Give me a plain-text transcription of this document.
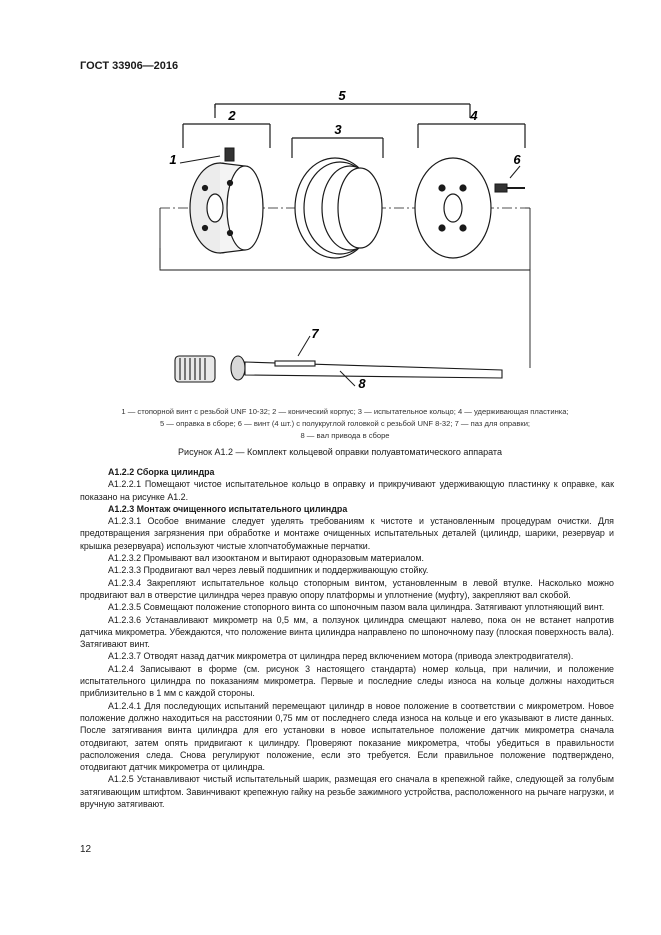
ГОСТ 33906—2016
5
2
3
4
1	6
7
8
1 — стопорной винт с резьбой UNF 10-32; 2 — конический корпус; 3 — испытательное кольцо; 4 — удерживающая пластинка;
5 — оправка в сборе; 6 — винт (4 шт.) с полукруглой головкой с резьбой UNF 8-32; 7 — паз для оправки;
8 — вал привода в сборе
Рисунок А1.2 — Комплект кольцевой оправки полуавтоматического аппарата

А1.2.2 Сборка цилиндра

А1.2.2.1 Помещают чистое испытательное кольцо в оправку и прикручивают удерживающую пластинку к оправке, как показано на рисунке А1.2.

А1.2.3 Монтаж очищенного испытательного цилиндра

А1.2.3.1 Особое внимание следует уделять требованиям к чистоте и установленным процедурам очистки. Для предотвращения загрязнения при обработке и монтаже очищенных испытательных деталей (цилиндр, шарики, резервуар и крышка резервуара) используют чистые хлопчатобумажные перчатки.

А1.2.3.2 Промывают вал изооктаном и вытирают одноразовым материалом.

А1.2.3.3 Продвигают вал через левый подшипник и поддерживающую стойку.

А1.2.3.4 Закрепляют испытательное кольцо стопорным винтом, установленным в левой втулке. Насколько можно продвигают вал в отверстие цилиндра через правую опору платформы и уплотнение (муфту), закрепляют вал скобой.

А1.2.3.5 Совмещают положение стопорного винта со шпоночным пазом вала цилиндра. Затягивают уплотняющий винт.

А1.2.3.6 Устанавливают микрометр на 0,5 мм, а ползунок цилиндра смещают налево, пока он не встанет напротив датчика микрометра. Убеждаются, что положение винта цилиндра направлено по шпоночному пазу (плоская поверхность вала). Затягивают винт.

А1.2.3.7 Отводят назад датчик микрометра от цилиндра перед включением мотора (привода электродвигателя).

А1.2.4 Записывают в форме (см. рисунок 3 настоящего стандарта) номер кольца, при наличии, и положение испытательного цилиндра по показаниям микрометра. Первые и последние следы износа на кольце должны находиться приблизительно в 1 мм с каждой стороны.

А1.2.4.1 Для последующих испытаний перемещают цилиндр в новое положение в соответствии с микрометром. Новое положение должно находиться на расстоянии 0,75 мм от последнего следа износа на кольце и его указывают в листе данных. После затягивания винта цилиндра для его установки в новое испытательное положение датчик микрометра сначала отодвигают, затем опять придвигают к цилиндру. Проверяют показание микрометра, чтобы убедиться в правильности расположения следа. Снова регулируют положение, если это требуется. Если правильное положение подтверждено, отодвигают датчик микрометра от цилиндра.

А1.2.5 Устанавливают чистый испытательный шарик, размещая его сначала в крепежной гайке, следующей за голубым затягивающим штифтом. Завинчивают крепежную гайку на резьбе зажимного устройства, расположенного на рычаге нагрузки, и вручную затягивают.

12
